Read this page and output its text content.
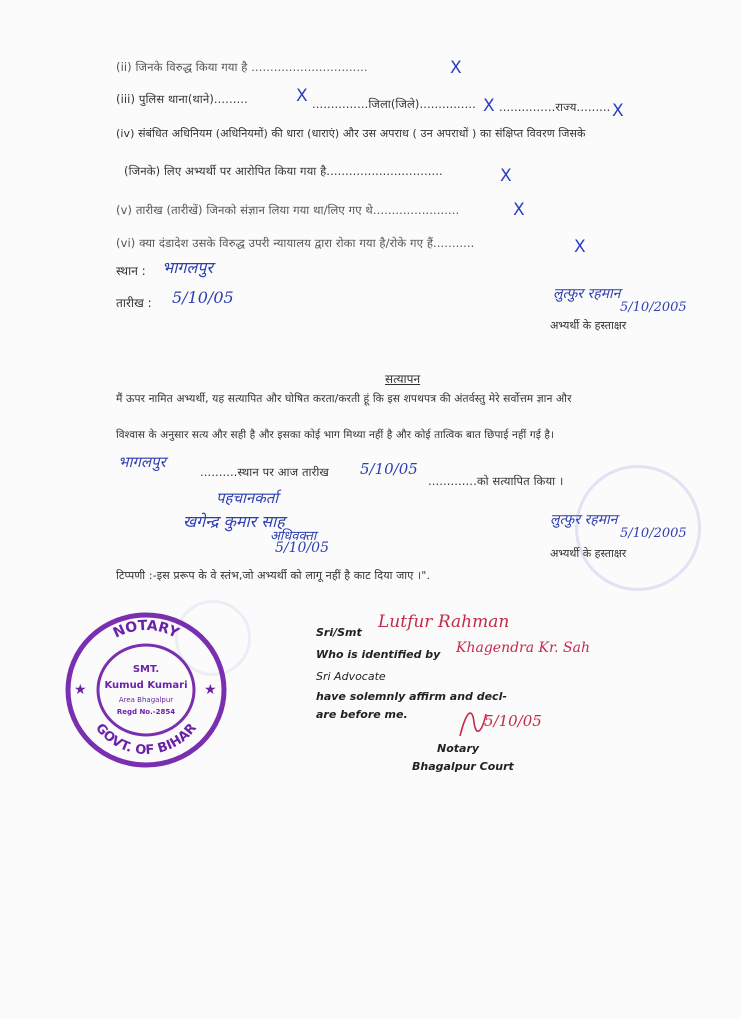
(ii) जिनके विरुद्ध किया गया है ...............................	X
(iii) पुलिस थाना(थाने).........	X ...............जिला(जिले)............... X ...............राज्य......... X
(iv) संबंधित अधिनियम (अधिनियमों) की धारा (धाराएं) और उस अपराध ( उन अपराधों ) का संक्षिप्त विवरण जिसके
(जिनके) लिए अभ्यर्थी पर आरोपित किया गया है...............................	X
(v) तारीख (तारीखें) जिनको संज्ञान लिया गया था/लिए गए थे.......................	X
(vi) क्या दंडादेश उसके विरुद्ध उपरी न्यायालय द्वारा रोका गया है/रोके गए हैं...........	X
स्थान : भागलपुर
तारीख : 5/10/05	लुत्फुर रहमान
5/10/2005
अभ्यर्थी के हस्ताक्षर
सत्यापन
मैं ऊपर नामित अभ्यर्थी, यह सत्यापित और घोषित करता/करती हूं कि इस शपथपत्र की अंतर्वस्तु मेरे सर्वोत्तम ज्ञान और
विश्वास के अनुसार सत्य और सही है और इसका कोई भाग मिथ्या नहीं है और कोई तात्विक बात छिपाई नहीं गई है।
भागलपुर
..........स्थान पर आज तारीख 5/10/05
.............को सत्यापित किया ।
पहचानकर्ता
खगेन्द्र कुमार साह
अधिवक्ता
5/10/05
लुत्फुर रहमान
5/10/2005
अभ्यर्थी के हस्ताक्षर
टिप्पणी :-इस प्ररूप के वे स्तंभ,जो अभ्यर्थी को लागू नहीं है काट दिया जाए ।".
NOTARY
GOVT. OF BIHAR
SMT.
Kumud Kumari
Area Bhagalpur
Regd No.-2854
★	★
Sri/Smt
Lutfur Rahman
Who is identified by Khagendra Kr. Sah
Sri Advocate
have solemnly affirm and decl-
are before me.	5/10/05
Notary
Bhagalpur Court
